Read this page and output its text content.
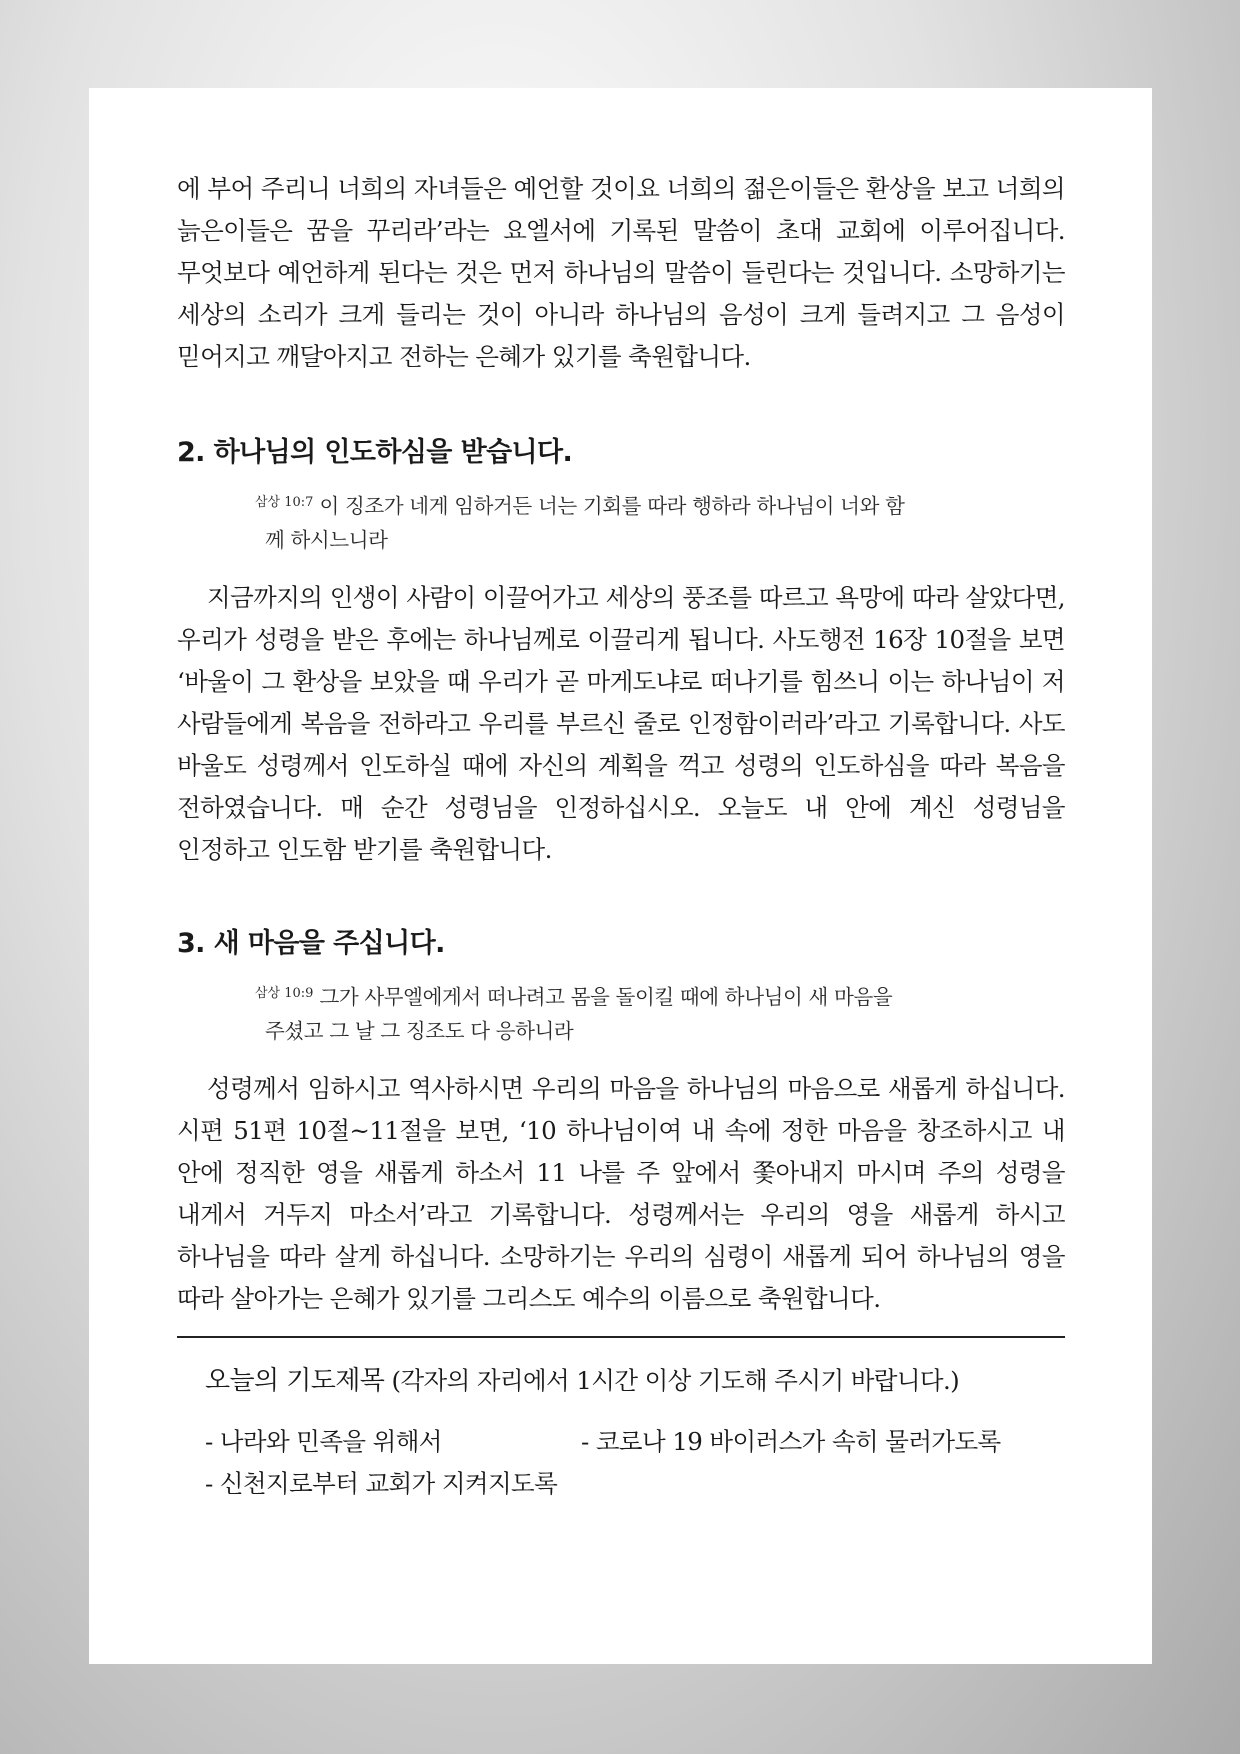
에 부어 주리니 너희의 자녀들은 예언할 것이요 너희의 젊은이들은 환상을 보고 너희의 늙은이들은 꿈을 꾸리라’라는 요엘서에 기록된 말씀이 초대 교회에 이루어집니다. 무엇보다 예언하게 된다는 것은 먼저 하나님의 말씀이 들린다는 것입니다. 소망하기는 세상의 소리가 크게 들리는 것이 아니라 하나님의 음성이 크게 들려지고 그 음성이 믿어지고 깨달아지고 전하는 은혜가 있기를 축원합니다.

2. 하나님의 인도하심을 받습니다.

$^{삼상 10:7}$ 이 징조가 네게 임하거든 너는 기회를 따라 행하라 하나님이 너와 함
께 하시느니라

지금까지의 인생이 사람이 이끌어가고 세상의 풍조를 따르고 욕망에 따라 살았다면, 우리가 성령을 받은 후에는 하나님께로 이끌리게 됩니다. 사도행전 16장 10절을 보면 ‘바울이 그 환상을 보았을 때 우리가 곧 마게도냐로 떠나기를 힘쓰니 이는 하나님이 저 사람들에게 복음을 전하라고 우리를 부르신 줄로 인정함이러라’라고 기록합니다. 사도 바울도 성령께서 인도하실 때에 자신의 계획을 꺽고 성령의 인도하심을 따라 복음을 전하였습니다. 매 순간 성령님을 인정하십시오. 오늘도 내 안에 계신 성령님을 인정하고 인도함 받기를 축원합니다.

3. 새 마음을 주십니다.

$^{삼상 10:9}$ 그가 사무엘에게서 떠나려고 몸을 돌이킬 때에 하나님이 새 마음을
주셨고 그 날 그 징조도 다 응하니라

성령께서 임하시고 역사하시면 우리의 마음을 하나님의 마음으로 새롭게 하십니다. 시편 51편 10절~11절을 보면, ‘10 하나님이여 내 속에 정한 마음을 창조하시고 내 안에 정직한 영을 새롭게 하소서 11 나를 주 앞에서 쫓아내지 마시며 주의 성령을 내게서 거두지 마소서’라고 기록합니다. 성령께서는 우리의 영을 새롭게 하시고 하나님을 따라 살게 하십니다. 소망하기는 우리의 심령이 새롭게 되어 하나님의 영을 따라 살아가는 은혜가 있기를 그리스도 예수의 이름으로 축원합니다.

오늘의 기도제목 (각자의 자리에서 1시간 이상 기도해 주시기 바랍니다.)

- 나라와 민족을 위해서	- 코로나 19 바이러스가 속히 물러가도록
- 신천지로부터 교회가 지켜지도록
